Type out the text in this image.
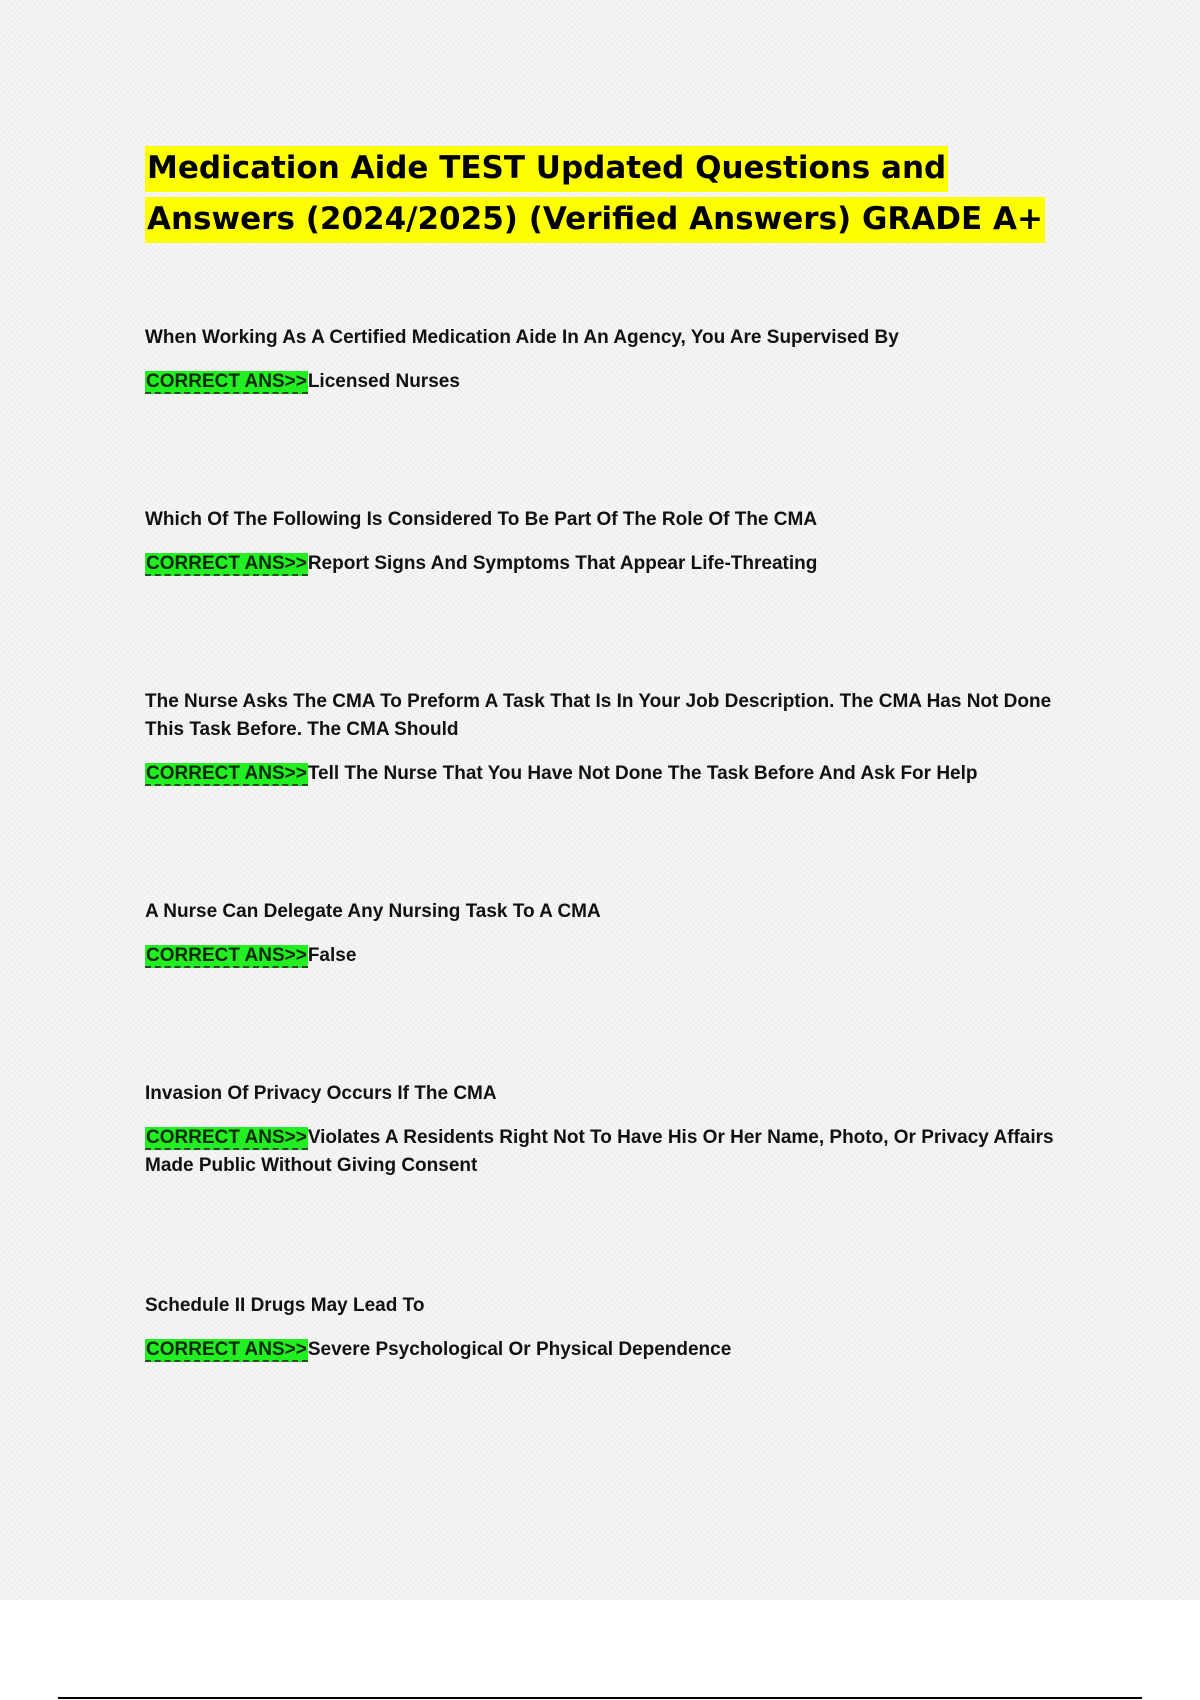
Medication Aide TEST Updated Questions and
Answers (2024/2025) (Verified Answers) GRADE A+

When Working As A Certified Medication Aide In An Agency, You Are Supervised By

CORRECT ANS>>Licensed Nurses

Which Of The Following Is Considered To Be Part Of The Role Of The CMA

CORRECT ANS>>Report Signs And Symptoms That Appear Life-Threating

The Nurse Asks The CMA To Preform A Task That Is In Your Job Description. The CMA Has Not Done This Task Before. The CMA Should

CORRECT ANS>>Tell The Nurse That You Have Not Done The Task Before And Ask For Help

A Nurse Can Delegate Any Nursing Task To A CMA

CORRECT ANS>>False

Invasion Of Privacy Occurs If The CMA

CORRECT ANS>>Violates A Residents Right Not To Have His Or Her Name, Photo, Or Privacy Affairs Made Public Without Giving Consent

Schedule II Drugs May Lead To

CORRECT ANS>>Severe Psychological Or Physical Dependence
